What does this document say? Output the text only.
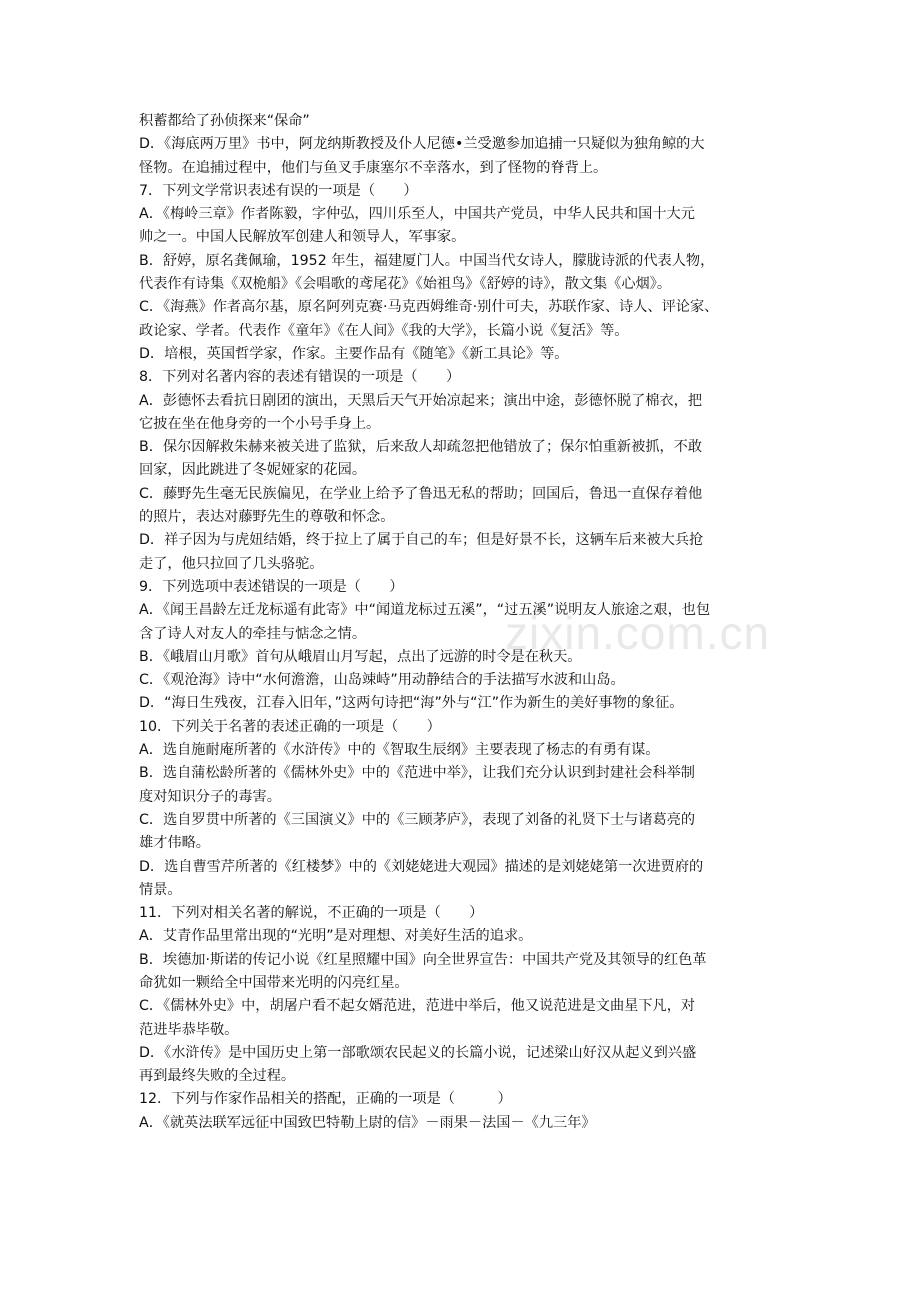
zixin.com.cn
积蓄都给了孙侦探来“保命”
D．《海底两万里》书中，阿龙纳斯教授及仆人尼德•兰受邀参加追捕一只疑似为独角鲸的大
怪物。在追捕过程中，他们与鱼叉手康塞尔不幸落水，到了怪物的脊背上。
7．下列文学常识表述有误的一项是（　　）
A．《梅岭三章》作者陈毅，字仲弘，四川乐至人，中国共产党员，中华人民共和国十大元
帅之一。中国人民解放军创建人和领导人，军事家。
B．舒婷，原名龚佩瑜，1952 年生，福建厦门人。中国当代女诗人，朦胧诗派的代表人物，
代表作有诗集《双桅船》《会唱歌的鸢尾花》《始祖鸟》《舒婷的诗》，散文集《心烟》。
C．《海燕》作者高尔基，原名阿列克赛·马克西姆维奇·别什可夫，苏联作家、诗人、评论家、
政论家、学者。代表作《童年》《在人间》《我的大学》，长篇小说《复活》等。
D．培根，英国哲学家，作家。主要作品有《随笔》《新工具论》等。
8．下列对名著内容的表述有错误的一项是（　　）
A．彭德怀去看抗日剧团的演出，天黑后天气开始凉起来；演出中途，彭德怀脱了棉衣，把
它披在坐在他身旁的一个小号手身上。
B．保尔因解救朱赫来被关进了监狱，后来敌人却疏忽把他错放了；保尔怕重新被抓，不敢
回家，因此跳进了冬妮娅家的花园。
C．藤野先生毫无民族偏见，在学业上给予了鲁迅无私的帮助；回国后，鲁迅一直保存着他
的照片，表达对藤野先生的尊敬和怀念。
D．祥子因为与虎妞结婚，终于拉上了属于自己的车；但是好景不长，这辆车后来被大兵抢
走了，他只拉回了几头骆驼。
9．下列选项中表述错误的一项是（　　）
A．《闻王昌龄左迁龙标遥有此寄》中“闻道龙标过五溪”，“过五溪”说明友人旅途之艰，也包
含了诗人对友人的牵挂与惦念之情。
B．《峨眉山月歌》首句从峨眉山月写起，点出了远游的时令是在秋天。
C．《观沧海》诗中“水何澹澹，山岛竦峙”用动静结合的手法描写水波和山岛。
D．“海日生残夜，江春入旧年，”这两句诗把“海”外与“江”作为新生的美好事物的象征。
10．下列关于名著的表述正确的一项是（　　）
A．选自施耐庵所著的《水浒传》中的《智取生辰纲》主要表现了杨志的有勇有谋。
B．选自蒲松龄所著的《儒林外史》中的《范进中举》，让我们充分认识到封建社会科举制
度对知识分子的毒害。
C．选自罗贯中所著的《三国演义》中的《三顾茅庐》，表现了刘备的礼贤下士与诸葛亮的
雄才伟略。
D．选自曹雪芹所著的《红楼梦》中的《刘姥姥进大观园》描述的是刘姥姥第一次进贾府的
情景。
11．下列对相关名著的解说，不正确的一项是（　　）
A．艾青作品里常出现的“光明”是对理想、对美好生活的追求。
B．埃德加·斯诺的传记小说《红星照耀中国》向全世界宣告：中国共产党及其领导的红色革
命犹如一颗给全中国带来光明的闪亮红星。
C．《儒林外史》中，胡屠户看不起女婿范进，范进中举后，他又说范进是文曲星下凡，对
范进毕恭毕敬。
D．《水浒传》是中国历史上第一部歌颂农民起义的长篇小说，记述梁山好汉从起义到兴盛
再到最终失败的全过程。
12．下列与作家作品相关的搭配，正确的一项是（　　　）
A．《就英法联军远征中国致巴特勒上尉的信》－雨果－法国－《九三年》
